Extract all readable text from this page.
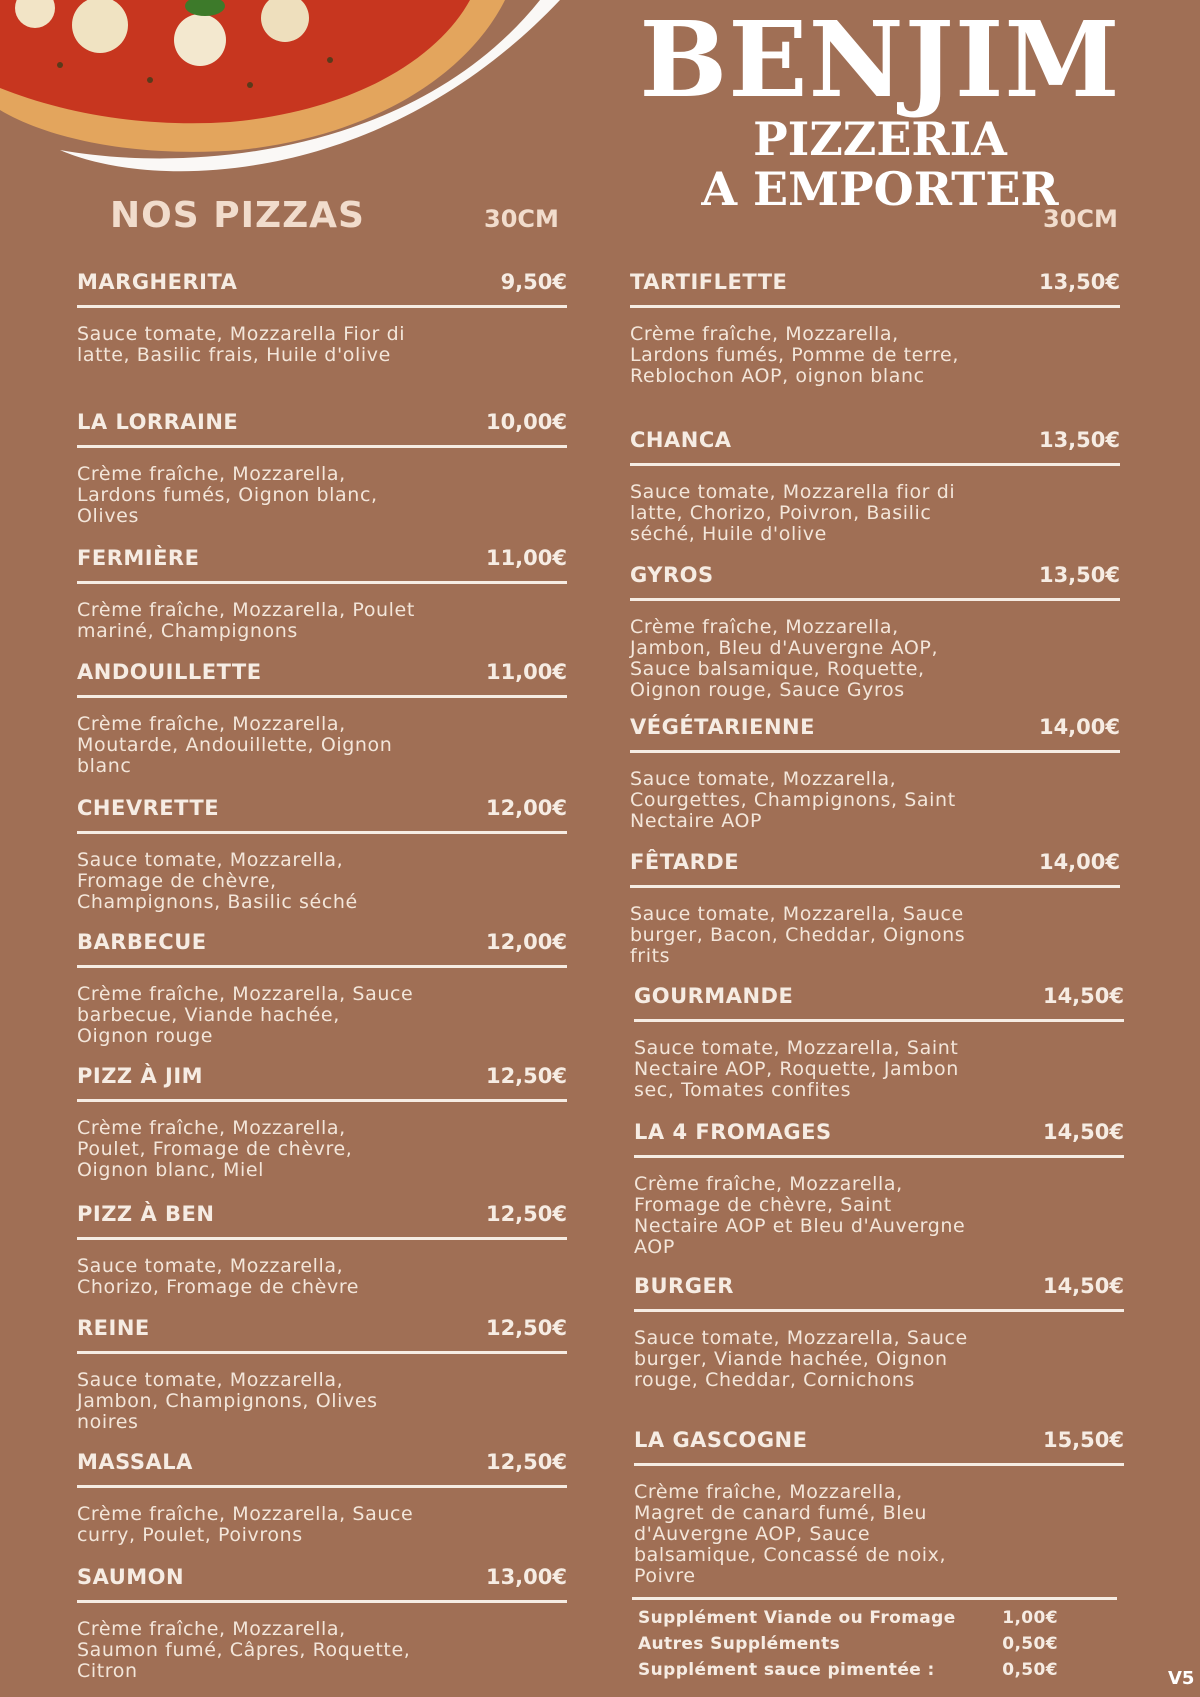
BENJIM
PIZZERIA
A EMPORTER
NOS PIZZAS	30CM	30CM
MARGHERITA	9,50€
Sauce tomate, Mozzarella Fior di latte, Basilic frais, Huile d'olive
LA LORRAINE	10,00€
Crème fraîche, Mozzarella, Lardons fumés, Oignon blanc, Olives
FERMIÈRE	11,00€
Crème fraîche, Mozzarella, Poulet mariné, Champignons
ANDOUILLETTE	11,00€
Crème fraîche, Mozzarella, Moutarde, Andouillette, Oignon blanc
CHEVRETTE	12,00€
Sauce tomate, Mozzarella, Fromage de chèvre, Champignons, Basilic séché
BARBECUE	12,00€
Crème fraîche, Mozzarella, Sauce barbecue, Viande hachée, Oignon rouge
PIZZ À JIM	12,50€
Crème fraîche, Mozzarella, Poulet, Fromage de chèvre, Oignon blanc, Miel
PIZZ À BEN	12,50€
Sauce tomate, Mozzarella, Chorizo, Fromage de chèvre
REINE	12,50€
Sauce tomate, Mozzarella, Jambon, Champignons, Olives noires
MASSALA	12,50€
Crème fraîche, Mozzarella, Sauce curry, Poulet, Poivrons
SAUMON	13,00€
Crème fraîche, Mozzarella, Saumon fumé, Câpres, Roquette, Citron
TARTIFLETTE	13,50€
Crème fraîche, Mozzarella, Lardons fumés, Pomme de terre, Reblochon AOP, oignon blanc
CHANCA	13,50€
Sauce tomate, Mozzarella fior di latte, Chorizo, Poivron, Basilic séché, Huile d'olive
GYROS	13,50€
Crème fraîche, Mozzarella, Jambon, Bleu d'Auvergne AOP, Sauce balsamique, Roquette, Oignon rouge, Sauce Gyros
VÉGÉTARIENNE	14,00€
Sauce tomate, Mozzarella, Courgettes, Champignons, Saint Nectaire AOP
FÊTARDE	14,00€
Sauce tomate, Mozzarella, Sauce burger, Bacon, Cheddar, Oignons frits
GOURMANDE	14,50€
Sauce tomate, Mozzarella, Saint Nectaire AOP, Roquette, Jambon sec, Tomates confites
LA 4 FROMAGES	14,50€
Crème fraîche, Mozzarella, Fromage de chèvre, Saint Nectaire AOP et Bleu d'Auvergne AOP
BURGER	14,50€
Sauce tomate, Mozzarella, Sauce burger, Viande hachée, Oignon rouge, Cheddar, Cornichons
LA GASCOGNE	15,50€
Crème fraîche, Mozzarella, Magret de canard fumé, Bleu d'Auvergne AOP, Sauce balsamique, Concassé de noix, Poivre
Supplément Viande ou Fromage	1,00€
Autres Suppléments	0,50€
Supplément sauce pimentée :	0,50€	V5
